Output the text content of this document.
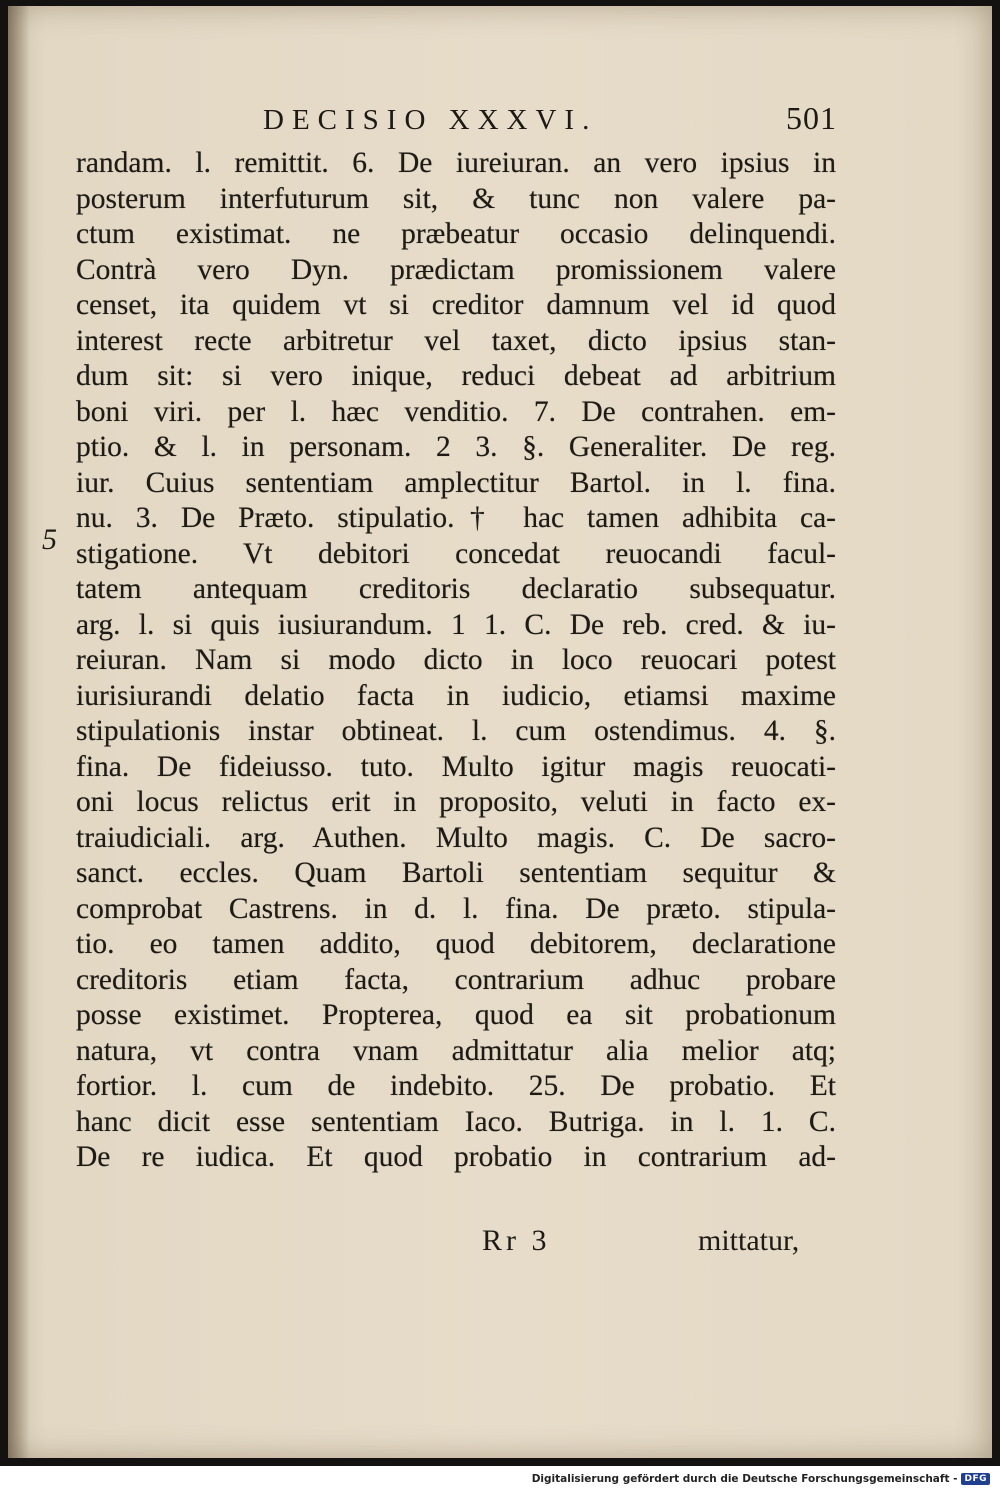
DECISIO XXXVI.	501
5
randam. l. remittit. 6. De iureiuran. an vero ipsius in
posterum interfuturum sit, & tunc non valere pa-
ctum existimat. ne præbeatur occasio delinquendi.
Contrà vero Dyn. prædictam promissionem valere
censet, ita quidem vt si creditor damnum vel id quod
interest recte arbitretur vel taxet, dicto ipsius stan-
dum sit: si vero inique, reduci debeat ad arbitrium
boni viri. per l. hæc venditio. 7. De contrahen. em-
ptio. & l. in personam. 2 3. §. Generaliter. De reg.
iur. Cuius sententiam amplectitur Bartol. in l. fina.
nu. 3. De Præto. stipulatio.† hac tamen adhibita ca-
stigatione. Vt debitori concedat reuocandi facul-
tatem antequam creditoris declaratio subsequatur.
arg. l. si quis iusiurandum. 1 1. C. De reb. cred. & iu-
reiuran. Nam si modo dicto in loco reuocari potest
iurisiurandi delatio facta in iudicio, etiamsi maxime
stipulationis instar obtineat. l. cum ostendimus. 4. §.
fina. De fideiusso. tuto. Multo igitur magis reuocati-
oni locus relictus erit in proposito, veluti in facto ex-
traiudiciali. arg. Authen. Multo magis. C. De sacro-
sanct. eccles. Quam Bartoli sententiam sequitur &
comprobat Castrens. in d. l. fina. De præto. stipula-
tio. eo tamen addito, quod debitorem, declaratione
creditoris etiam facta, contrarium adhuc probare
posse existimet. Propterea, quod ea sit probationum
natura, vt contra vnam admittatur alia melior atq;
fortior. l. cum de indebito. 25. De probatio. Et
hanc dicit esse sententiam Iaco. Butriga. in l. 1. C.
De re iudica. Et quod probatio in contrarium ad-
Rr 3	mittatur,
Digitalisierung gefördert durch die Deutsche Forschungsgemeinschaft - DFG
